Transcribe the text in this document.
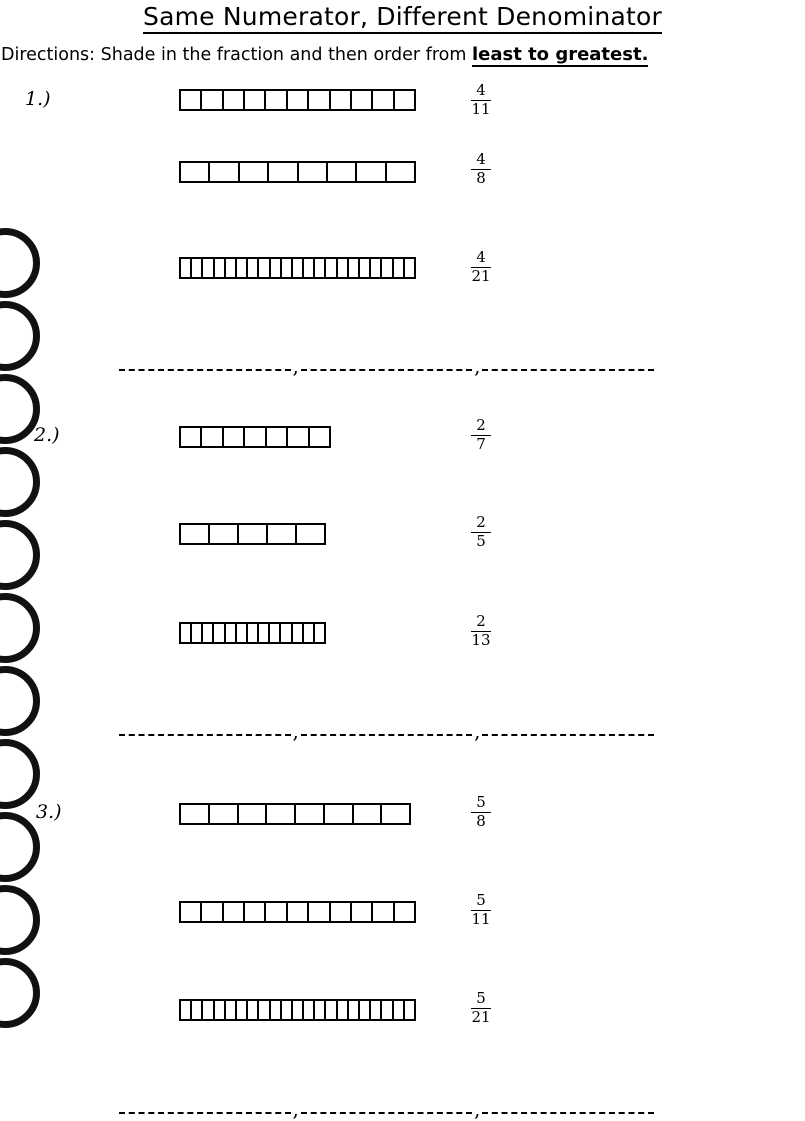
Same Numerator, Different Denominator
Directions: Shade in the fraction and then order from least to greatest.
1.)	4
11
4
8
4
21
,	,
2.)	2
7
2
5
2
13
,	,
3.)	5
8
5
11
5
21
,	,
